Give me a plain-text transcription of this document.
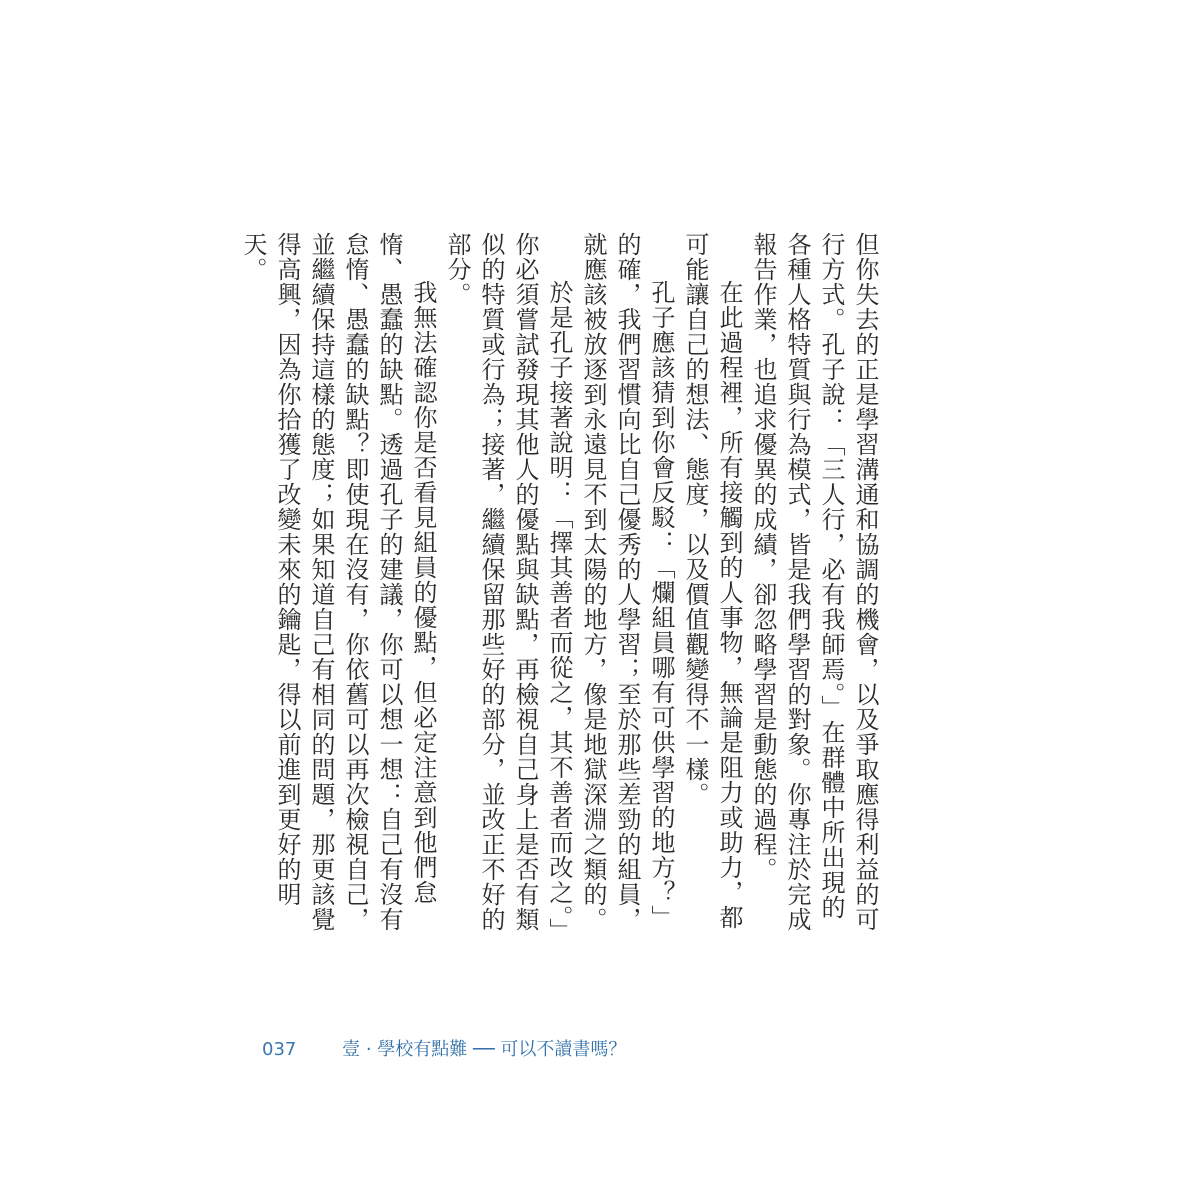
但你失去的正是學習溝通和協調的機會，以及爭取應得利益的可行方式。孔子說：「三人行，必有我師焉。」在群體中所出現的各種人格特質與行為模式，皆是我們學習的對象。你專注於完成報告作業，也追求優異的成績，卻忽略學習是動態的過程。

在此過程裡，所有接觸到的人事物，無論是阻力或助力，都可能讓自己的想法、態度，以及價值觀變得不一樣。

孔子應該猜到你會反駁：「爛組員哪有可供學習的地方？」的確，我們習慣向比自己優秀的人學習；至於那些差勁的組員，就應該被放逐到永遠見不到太陽的地方，像是地獄深淵之類的。

於是孔子接著說明：「擇其善者而從之，其不善者而改之。」你必須嘗試發現其他人的優點與缺點，再檢視自己身上是否有類似的特質或行為；接著，繼續保留那些好的部分，並改正不好的部分。

我無法確認你是否看見組員的優點，但必定注意到他們怠惰、愚蠢的缺點。透過孔子的建議，你可以想一想：自己有沒有怠惰、愚蠢的缺點？即使現在沒有，你依舊可以再次檢視自己，並繼續保持這樣的態度；如果知道自己有相同的問題，那更該覺得高興，因為你拾獲了改變未來的鑰匙，得以前進到更好的明天。

037	壹 · 學校有點難 ── 可以不讀書嗎？
